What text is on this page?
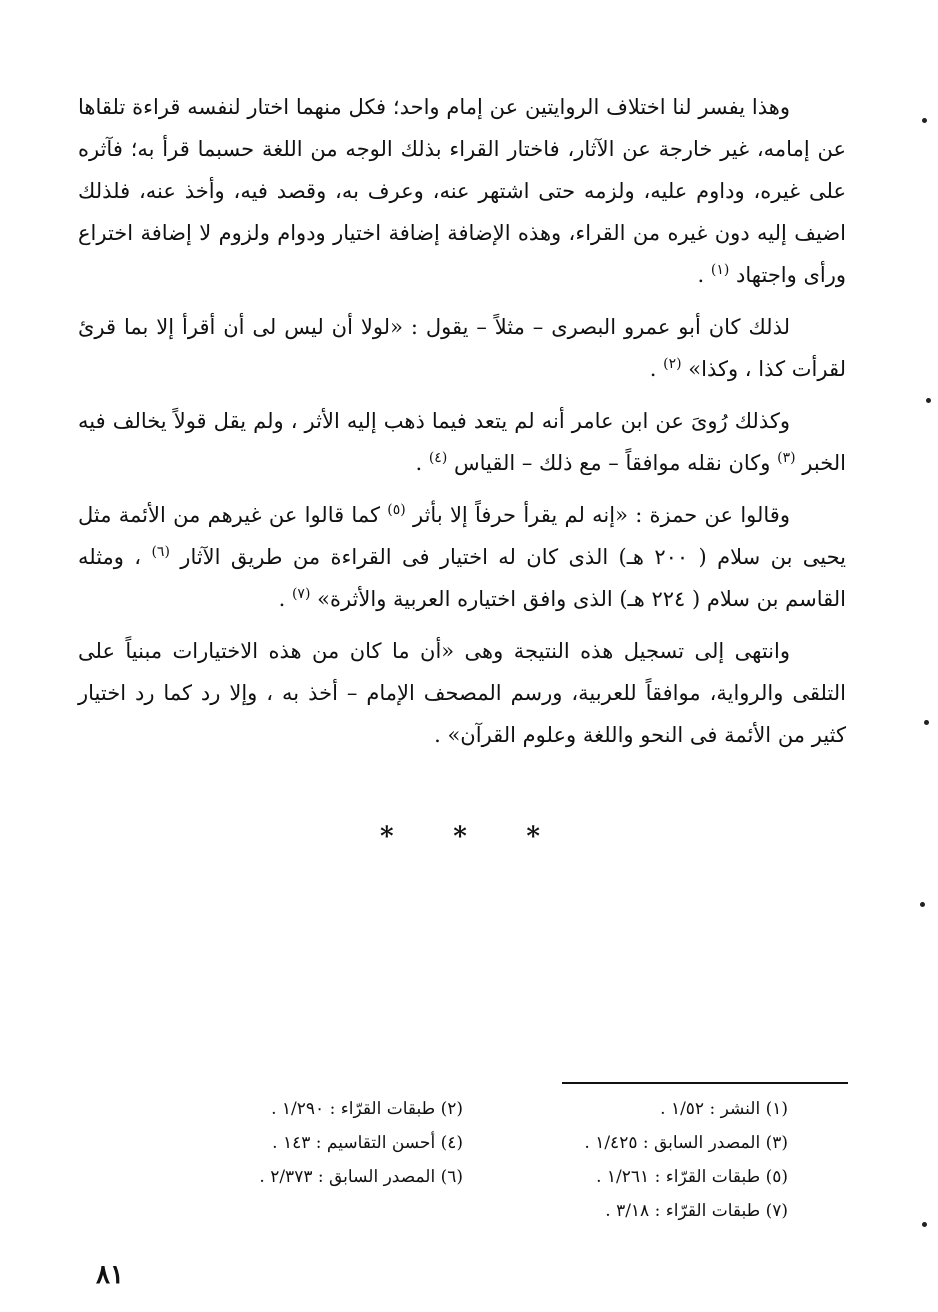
وهذا يفسر لنا اختلاف الروايتين عن إمام واحد؛ فكل منهما اختار لنفسه قراءة تلقاها عن إمامه، غير خارجة عن الآثار، فاختار القراء بذلك الوجه من اللغة حسبما قرأ به؛ فآثره على غيره، وداوم عليه، ولزمه حتى اشتهر عنه، وعرف به، وقصد فيه، وأخذ عنه، فلذلك اضيف إليه دون غيره من القراء، وهذه الإضافة إضافة اختيار ودوام ولزوم لا إضافة اختراع ورأى واجتهاد $^{(١)}$ .

لذلك كان أبو عمرو البصرى – مثلاً – يقول : «لولا أن ليس لى أن أقرأ إلا بما قرئ لقرأت كذا ، وكذا» $^{(٢)}$ .

وكذلك رُوىَ عن ابن عامر أنه لم يتعد فيما ذهب إليه الأثر ، ولم يقل قولاً يخالف فيه الخبر $^{(٣)}$ وكان نقله موافقاً – مع ذلك – القياس $^{(٤)}$ .

وقالوا عن حمزة : «إنه لم يقرأ حرفاً إلا بأثر $^{(٥)}$ كما قالوا عن غيرهم من الأئمة مثل يحيى بن سلام ( ٢٠٠ هـ) الذى كان له اختيار فى القراءة من طريق الآثار $^{(٦)}$ ، ومثله القاسم بن سلام ( ٢٢٤ هـ) الذى وافق اختياره العربية والأثرة» $^{(٧)}$ .

وانتهى إلى تسجيل هذه النتيجة وهى «أن ما كان من هذه الاختيارات مبنياً على التلقى والرواية، موافقاً للعربية، ورسم المصحف الإمام – أخذ به ، وإلا رد كما رد اختيار كثير من الأئمة فى النحو واللغة وعلوم القرآن» .

* * *
(١) النشر : ١/٥٢ .
(٣) المصدر السابق : ١/٤٢٥ .
(٥) طبقات القرّاء : ١/٢٦١ .
(٧) طبقات القرّاء : ٣/١٨ .
(٢) طبقات القرّاء : ١/٢٩٠ .
(٤) أحسن التقاسيم : ١٤٣ .
(٦) المصدر السابق : ٢/٣٧٣ .
٨١
